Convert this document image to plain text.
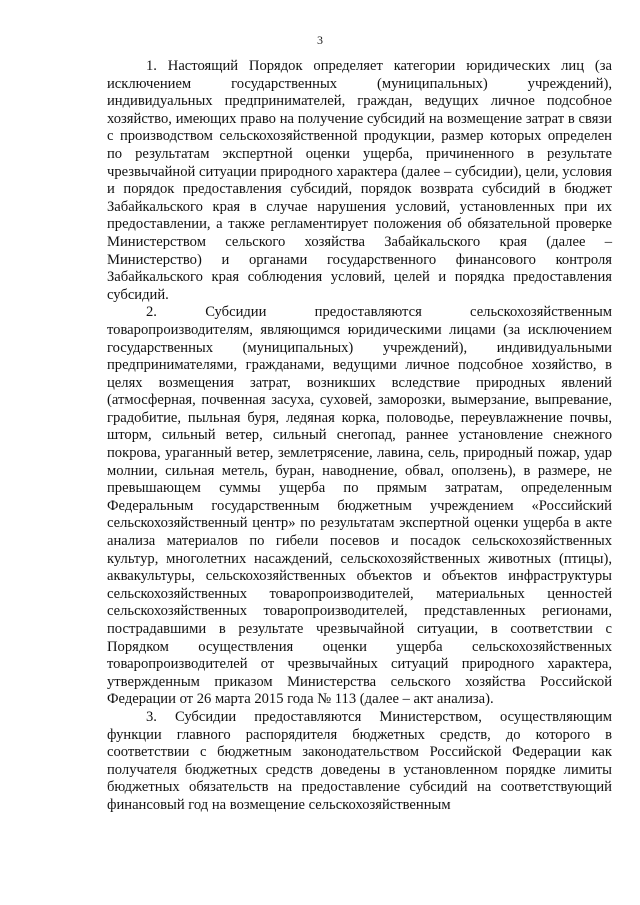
3

1. Настоящий Порядок определяет категории юридических лиц (за исключением государственных (муниципальных) учреждений), индивидуальных предпринимателей, граждан, ведущих личное подсобное хозяйство, имеющих право на получение субсидий на возмещение затрат в связи с производством сельскохозяйственной продукции, размер которых определен по результатам экспертной оценки ущерба, причиненного в результате чрезвычайной ситуации природного характера (далее – субсидии), цели, условия и порядок предоставления субсидий, порядок возврата субсидий в бюджет Забайкальского края в случае нарушения условий, установленных при их предоставлении, а также регламентирует положения об обязательной проверке Министерством сельского хозяйства Забайкальского края (далее – Министерство) и органами государственного финансового контроля Забайкальского края соблюдения условий, целей и порядка предоставления субсидий.

2. Субсидии предоставляются сельскохозяйственным товаропроизводителям, являющимся юридическими лицами (за исключением государственных (муниципальных) учреждений), индивидуальными предпринимателями, гражданами, ведущими личное подсобное хозяйство, в целях возмещения затрат, возникших вследствие природных явлений (атмосферная, почвенная засуха, суховей, заморозки, вымерзание, выпревание, градобитие, пыльная буря, ледяная корка, половодье, переувлажнение почвы, шторм, сильный ветер, сильный снегопад, раннее установление снежного покрова, ураганный ветер, землетрясение, лавина, сель, природный пожар, удар молнии, сильная метель, буран, наводнение, обвал, оползень), в размере, не превышающем суммы ущерба по прямым затратам, определенным Федеральным государственным бюджетным учреждением «Российский сельскохозяйственный центр» по результатам экспертной оценки ущерба в акте анализа материалов по гибели посевов и посадок сельскохозяйственных культур, многолетних насаждений, сельскохозяйственных животных (птицы), аквакультуры, сельскохозяйственных объектов и объектов инфраструктуры сельскохозяйственных товаропроизводителей, материальных ценностей сельскохозяйственных товаропроизводителей, представленных регионами, пострадавшими в результате чрезвычайной ситуации, в соответствии с Порядком осуществления оценки ущерба сельскохозяйственных товаропроизводителей от чрезвычайных ситуаций природного характера, утвержденным приказом Министерства сельского хозяйства Российской Федерации от 26 марта 2015 года № 113 (далее – акт анализа).

3. Субсидии предоставляются Министерством, осуществляющим функции главного распорядителя бюджетных средств, до которого в соответствии с бюджетным законодательством Российской Федерации как получателя бюджетных средств доведены в установленном порядке лимиты бюджетных обязательств на предоставление субсидий на соответствующий финансовый год на возмещение сельскохозяйственным
